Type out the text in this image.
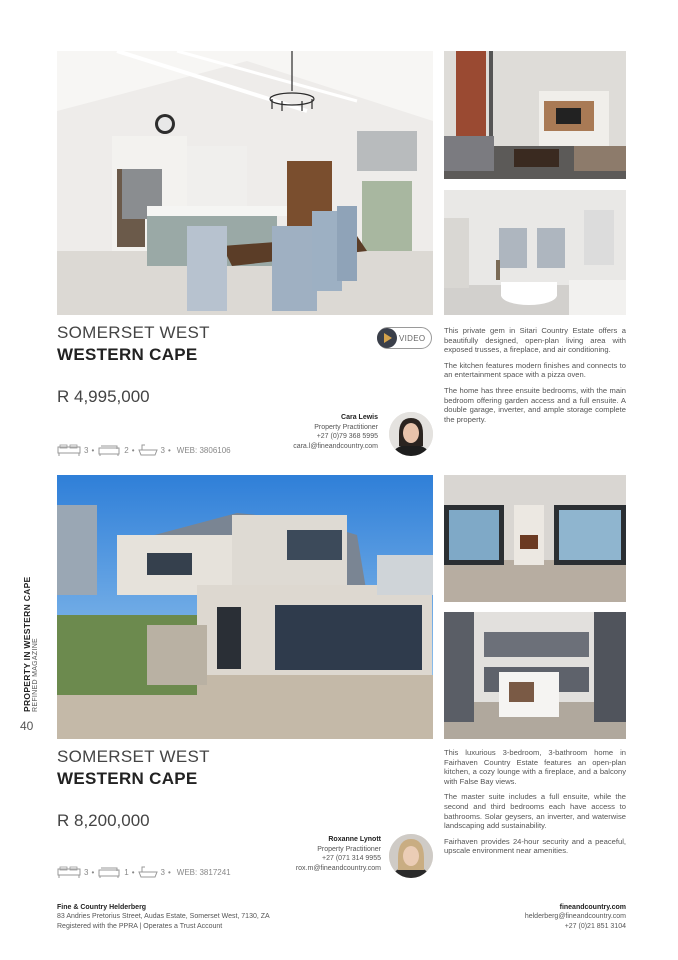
SOMERSET WEST
WESTERN CAPE
R 4,995,000
VIDEO
3 •	2 •	3 • WEB: 3806106
Cara Lewis
Property Practitioner
+27 (0)79 368 5995
cara.l@fineandcountry.com

This private gem in Sitari Country Estate offers a beautifully designed, open-plan living area with exposed trusses, a fireplace, and air conditioning.

The kitchen features modern finishes and connects to an entertainment space with a pizza oven.

The home has three ensuite bedrooms, with the main bedroom offering garden access and a full ensuite. A double garage, inverter, and ample storage complete the property.

SOMERSET WEST
WESTERN CAPE
R 8,200,000
3 •	1 •	3 • WEB: 3817241
Roxanne Lynott
Property Practitioner
+27 (071 314 9955
rox.m@fineandcountry.com

This luxurious 3-bedroom, 3-bathroom home in Fairhaven Country Estate features an open-plan kitchen, a cozy lounge with a fireplace, and a balcony with False Bay views.

The master suite includes a full ensuite, while the second and third bedrooms each have access to bathrooms. Solar geysers, an inverter, and waterwise landscaping add sustainability.

Fairhaven provides 24-hour security and a peaceful, upscale environment near amenities.

PROPERTY IN WESTERN CAPE REFINED MAGAZINE
40
Fine & Country Helderberg
83 Andries Pretorius Street, Audas Estate, Somerset West, 7130, ZA
Registered with the PPRA | Operates a Trust Account
fineandcountry.com
helderberg@fineandcountry.com
+27 (0)21 851 3104
